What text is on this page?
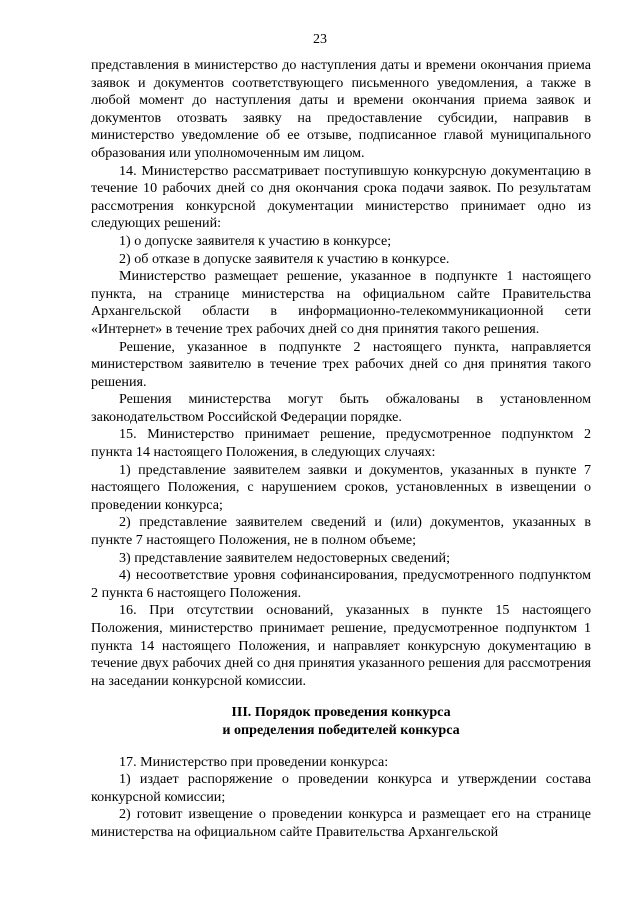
23

представления в министерство до наступления даты и времени окончания приема заявок и документов соответствующего письменного уведомления, а также в любой момент до наступления даты и времени окончания приема заявок и документов отозвать заявку на предоставление субсидии, направив в министерство уведомление об ее отзыве, подписанное главой муниципального образования или уполномоченным им лицом.

14. Министерство рассматривает поступившую конкурсную документацию в течение 10 рабочих дней со дня окончания срока подачи заявок. По результатам рассмотрения конкурсной документации министерство принимает одно из следующих решений:

1) о допуске заявителя к участию в конкурсе;

2) об отказе в допуске заявителя к участию в конкурсе.

Министерство размещает решение, указанное в подпункте 1 настоящего пункта, на странице министерства на официальном сайте Правительства Архангельской области в информационно-телекоммуникационной сети «Интернет» в течение трех рабочих дней со дня принятия такого решения.

Решение, указанное в подпункте 2 настоящего пункта, направляется министерством заявителю в течение трех рабочих дней со дня принятия такого решения.

Решения министерства могут быть обжалованы в установленном законодательством Российской Федерации порядке.

15. Министерство принимает решение, предусмотренное подпунктом 2 пункта 14 настоящего Положения, в следующих случаях:

1) представление заявителем заявки и документов, указанных в пункте 7 настоящего Положения, с нарушением сроков, установленных в извещении о проведении конкурса;

2) представление заявителем сведений и (или) документов, указанных в пункте 7 настоящего Положения, не в полном объеме;

3) представление заявителем недостоверных сведений;

4) несоответствие уровня софинансирования, предусмотренного подпунктом 2 пункта 6 настоящего Положения.

16. При отсутствии оснований, указанных в пункте 15 настоящего Положения, министерство принимает решение, предусмотренное подпунктом 1 пункта 14 настоящего Положения, и направляет конкурсную документацию в течение двух рабочих дней со дня принятия указанного решения для рассмотрения на заседании конкурсной комиссии.

III. Порядок проведения конкурса

и определения победителей конкурса

17. Министерство при проведении конкурса:

1) издает распоряжение о проведении конкурса и утверждении состава конкурсной комиссии;

2) готовит извещение о проведении конкурса и размещает его на странице министерства на официальном сайте Правительства Архангельской
